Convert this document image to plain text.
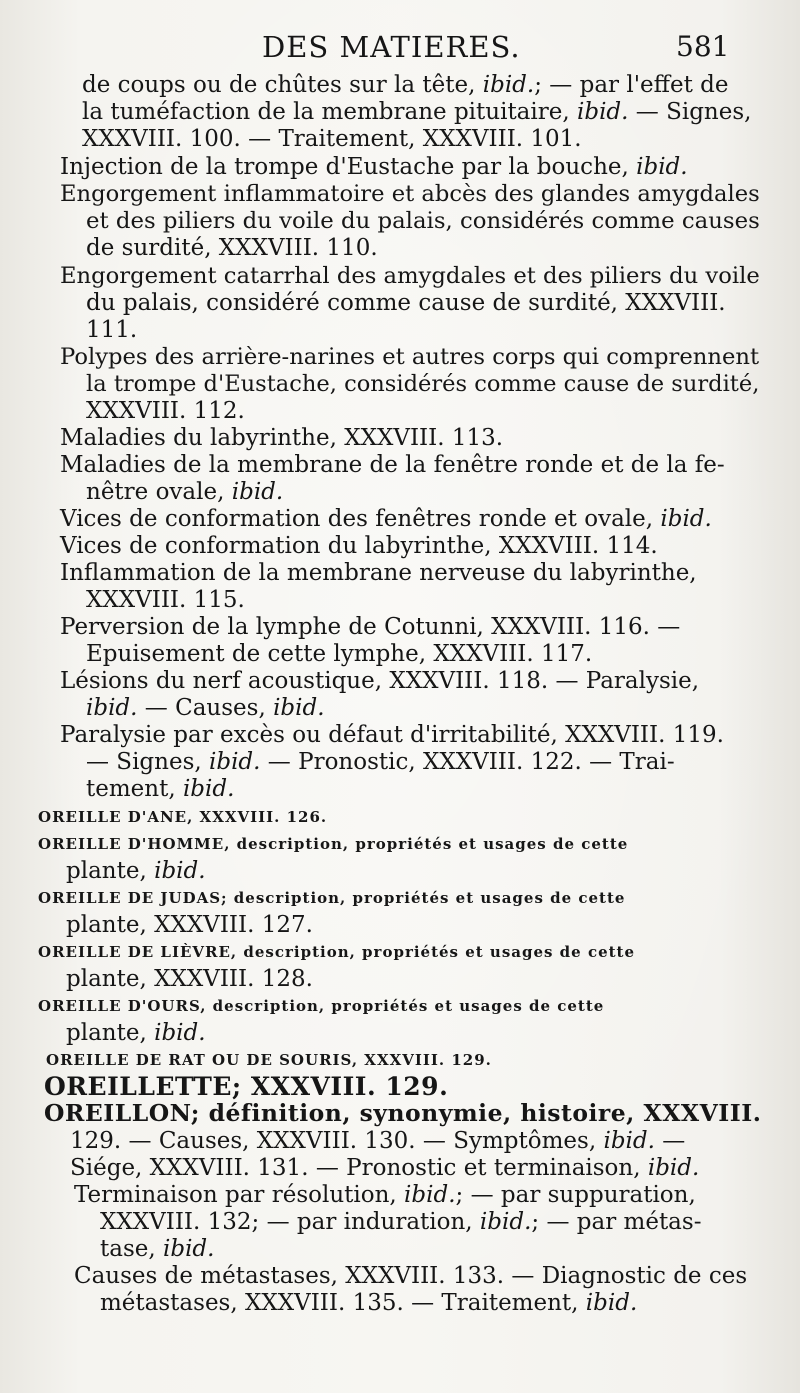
DES MATIERES.	581
de coups ou de chûtes sur la tête, ibid.; — par l'effet de
la tuméfaction de la membrane pituitaire, ibid. — Signes,
XXXVIII. 100. — Traitement, XXXVIII. 101.
Injection de la trompe d'Eustache par la bouche, ibid.
Engorgement inflammatoire et abcès des glandes amygdales
et des piliers du voile du palais, considérés comme causes
de surdité, XXXVIII. 110.
Engorgement catarrhal des amygdales et des piliers du voile
du palais, considéré comme cause de surdité, XXXVIII.
111.
Polypes des arrière-narines et autres corps qui comprennent
la trompe d'Eustache, considérés comme cause de surdité,
XXXVIII. 112.
Maladies du labyrinthe, XXXVIII. 113.
Maladies de la membrane de la fenêtre ronde et de la fe-
nêtre ovale, ibid.
Vices de conformation des fenêtres ronde et ovale, ibid.
Vices de conformation du labyrinthe, XXXVIII. 114.
Inflammation de la membrane nerveuse du labyrinthe,
XXXVIII. 115.
Perversion de la lymphe de Cotunni, XXXVIII. 116. —
Epuisement de cette lymphe, XXXVIII. 117.
Lésions du nerf acoustique, XXXVIII. 118. — Paralysie,
ibid. — Causes, ibid.
Paralysie par excès ou défaut d'irritabilité, XXXVIII. 119.
— Signes, ibid. — Pronostic, XXXVIII. 122. — Trai-
tement, ibid.
OREILLE D'ANE, XXXVIII. 126.
OREILLE D'HOMME, description, propriétés et usages de cette
plante, ibid.
OREILLE DE JUDAS; description, propriétés et usages de cette
plante, XXXVIII. 127.
OREILLE DE LIÈVRE, description, propriétés et usages de cette
plante, XXXVIII. 128.
OREILLE D'OURS, description, propriétés et usages de cette
plante, ibid.
OREILLE DE RAT OU DE SOURIS, XXXVIII. 129.
OREILLETTE; XXXVIII. 129.
OREILLON; définition, synonymie, histoire, XXXVIII.
129. — Causes, XXXVIII. 130. — Symptômes, ibid. —
Siége, XXXVIII. 131. — Pronostic et terminaison, ibid.
Terminaison par résolution, ibid.; — par suppuration,
XXXVIII. 132; — par induration, ibid.; — par métas-
tase, ibid.
Causes de métastases, XXXVIII. 133. — Diagnostic de ces
métastases, XXXVIII. 135. — Traitement, ibid.
